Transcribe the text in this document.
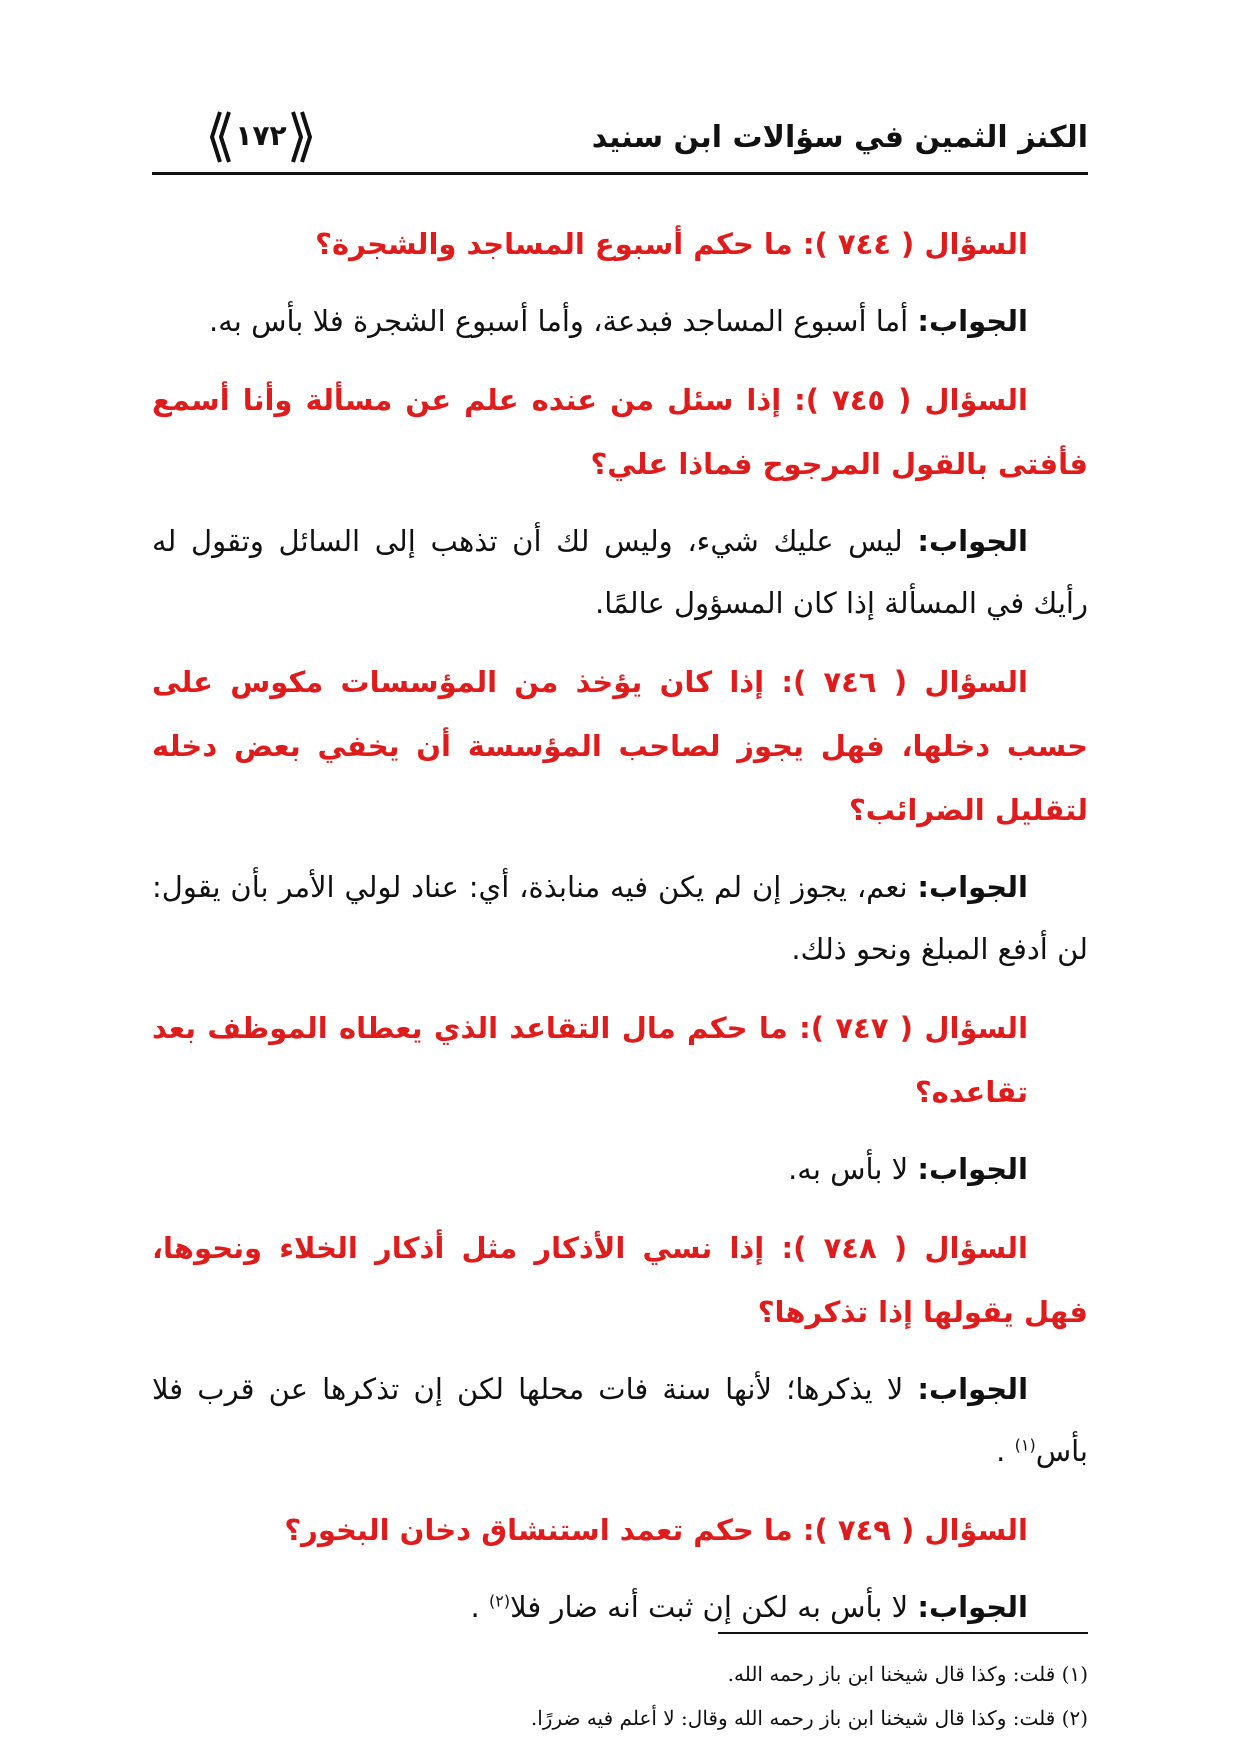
الكنز الثمين في سؤالات ابن سنيد
١٧٢

السؤال ( ٧٤٤ ): ما حكم أسبوع المساجد والشجرة؟

الجواب: أما أسبوع المساجد فبدعة، وأما أسبوع الشجرة فلا بأس به.

السؤال ( ٧٤٥ ): إذا سئل من عنده علم عن مسألة وأنا أسمع فأفتى بالقول المرجوح فماذا علي؟

الجواب: ليس عليك شيء، وليس لك أن تذهب إلى السائل وتقول له رأيك في المسألة إذا كان المسؤول عالمًا.

السؤال ( ٧٤٦ ): إذا كان يؤخذ من المؤسسات مكوس على حسب دخلها، فهل يجوز لصاحب المؤسسة أن يخفي بعض دخله لتقليل الضرائب؟

الجواب: نعم، يجوز إن لم يكن فيه منابذة، أي: عناد لولي الأمر بأن يقول: لن أدفع المبلغ ونحو ذلك.

السؤال ( ٧٤٧ ): ما حكم مال التقاعد الذي يعطاه الموظف بعد تقاعده؟

الجواب: لا بأس به.

السؤال ( ٧٤٨ ): إذا نسي الأذكار مثل أذكار الخلاء ونحوها، فهل يقولها إذا تذكرها؟

الجواب: لا يذكرها؛ لأنها سنة فات محلها لكن إن تذكرها عن قرب فلا بأس$^{(١)}$ .

السؤال ( ٧٤٩ ): ما حكم تعمد استنشاق دخان البخور؟

الجواب: لا بأس به لكن إن ثبت أنه ضار فلا$^{(٢)}$ .

(١) قلت: وكذا قال شيخنا ابن باز رحمه الله.

(٢) قلت: وكذا قال شيخنا ابن باز رحمه الله وقال: لا أعلم فيه ضررًا.
